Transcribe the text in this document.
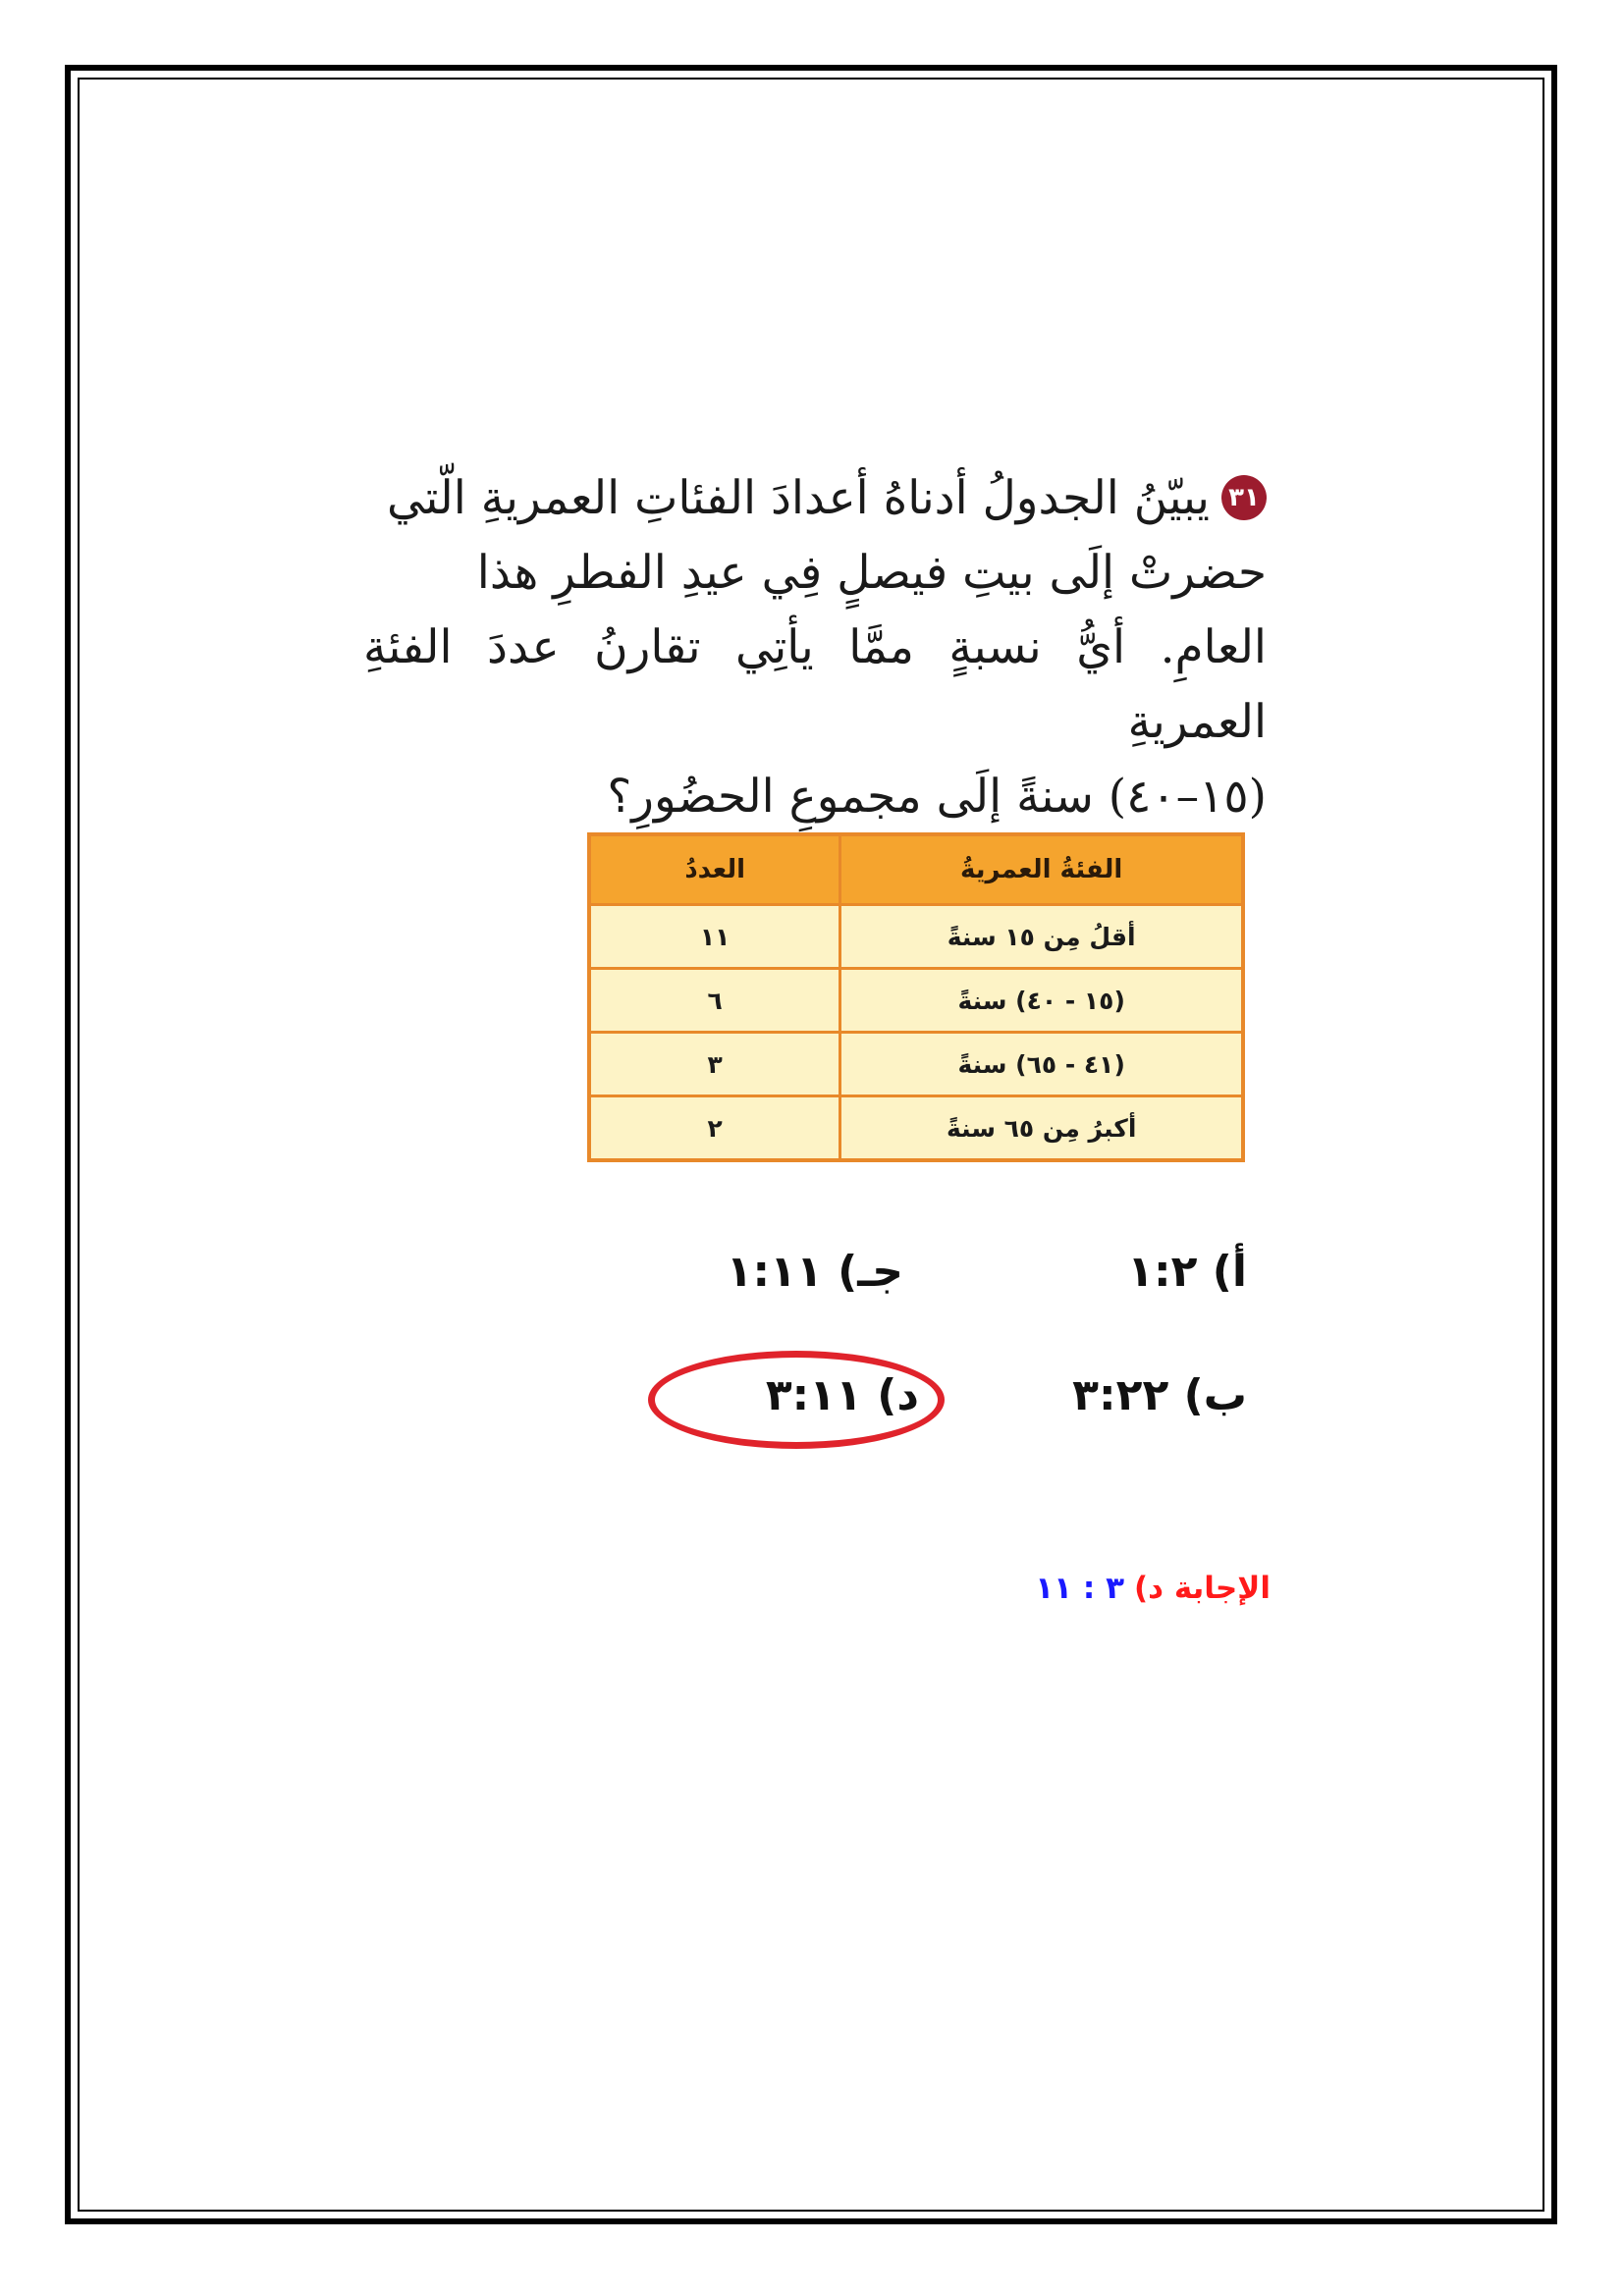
٣١يبيّنُ الجدولُ أدناهُ أعدادَ الفئاتِ العمريةِ الّتي
حضرتْ إلَى بيتِ فيصلٍ فِي عيدِ الفطرِ هذا
العامِ. أيُّ نسبةٍ ممَّا يأتِي تقارنُ عددَ الفئةِ العمريةِ
(١٥–٤٠) سنةً إلَى مجموعِ الحضُورِ؟
الفئةُ العمريةُ	العددُ
أقلُ مِن ١٥ سنةً	١١
(١٥ - ٤٠) سنةً	٦
(٤١ - ٦٥) سنةً	٣
أكبرُ مِن ٦٥ سنةً	٢
أ) ١:٢
جـ) ١:١١
ب) ٣:٢٢
د) ٣:١١
الإجابة د)٣ : ١١
